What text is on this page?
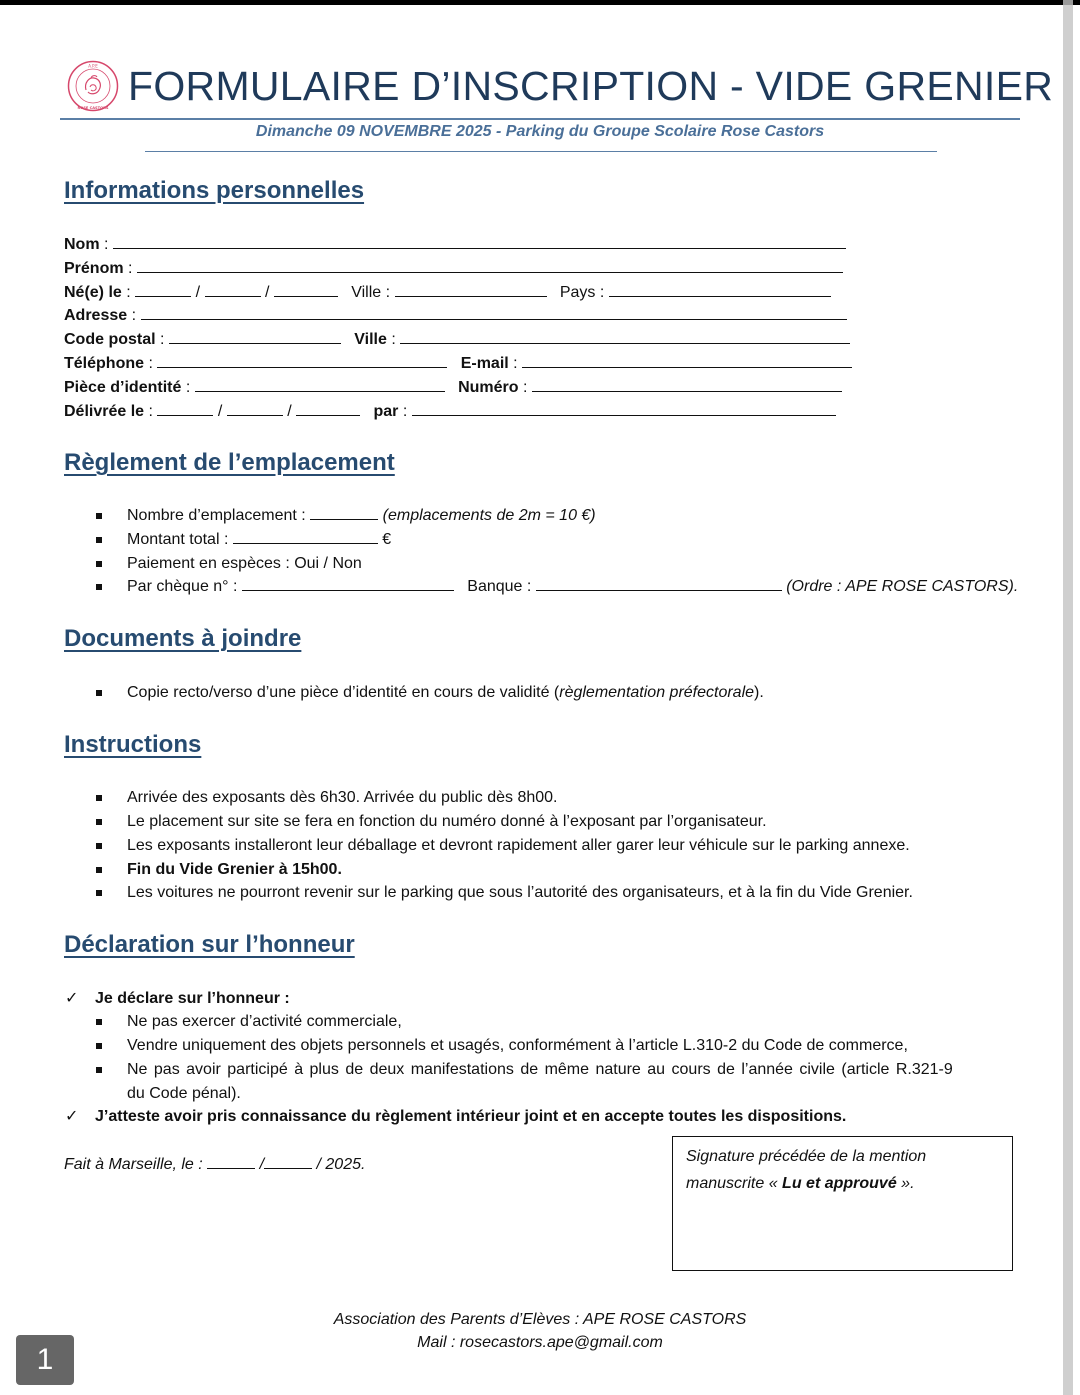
A.P.E
ROSE CASTORS FORMULAIRE D’INSCRIPTION - VIDE GRENIER
Dimanche 09 NOVEMBRE 2025 - Parking du Groupe Scolaire Rose Castors
Informations personnelles
Nom :
Prénom :
Né(e) le :	/	/	Ville :	Pays :
Adresse :
Code postal :	Ville :
Téléphone :	E-mail :
Pièce d’identité :	Numéro :
Délivrée le :	/	/	par :
Règlement de l’emplacement
Nombre d’emplacement :	(emplacements de 2m = 10 €)
Montant total :	€
Paiement en espèces : Oui / Non
Par chèque n° :	Banque :	(Ordre : APE ROSE CASTORS).
Documents à joindre
Copie recto/verso d’une pièce d’identité en cours de validité (règlementation préfectorale).
Instructions
Arrivée des exposants dès 6h30. Arrivée du public dès 8h00.
Le placement sur site se fera en fonction du numéro donné à l’exposant par l’organisateur.
Les exposants installeront leur déballage et devront rapidement aller garer leur véhicule sur le parking annexe.
Fin du Vide Grenier à 15h00.
Les voitures ne pourront revenir sur le parking que sous l’autorité des organisateurs, et à la fin du Vide Grenier.
Déclaration sur l’honneur
✓ Je déclare sur l’honneur :
Ne pas exercer d’activité commerciale,
Vendre uniquement des objets personnels et usagés, conformément à l’article L.310-2 du Code de commerce,
Ne pas avoir participé à plus de deux manifestations de même nature au cours de l’année civile (article R.321-9
du Code pénal).
✓ J’atteste avoir pris connaissance du règlement intérieur joint et en accepte toutes les dispositions.
Fait à Marseille, le :	/	/ 2025.	Signature précédée de la mention
manuscrite « Lu et approuvé ».
Association des Parents d’Elèves : APE ROSE CASTORS
Mail : rosecastors.ape@gmail.com
1
